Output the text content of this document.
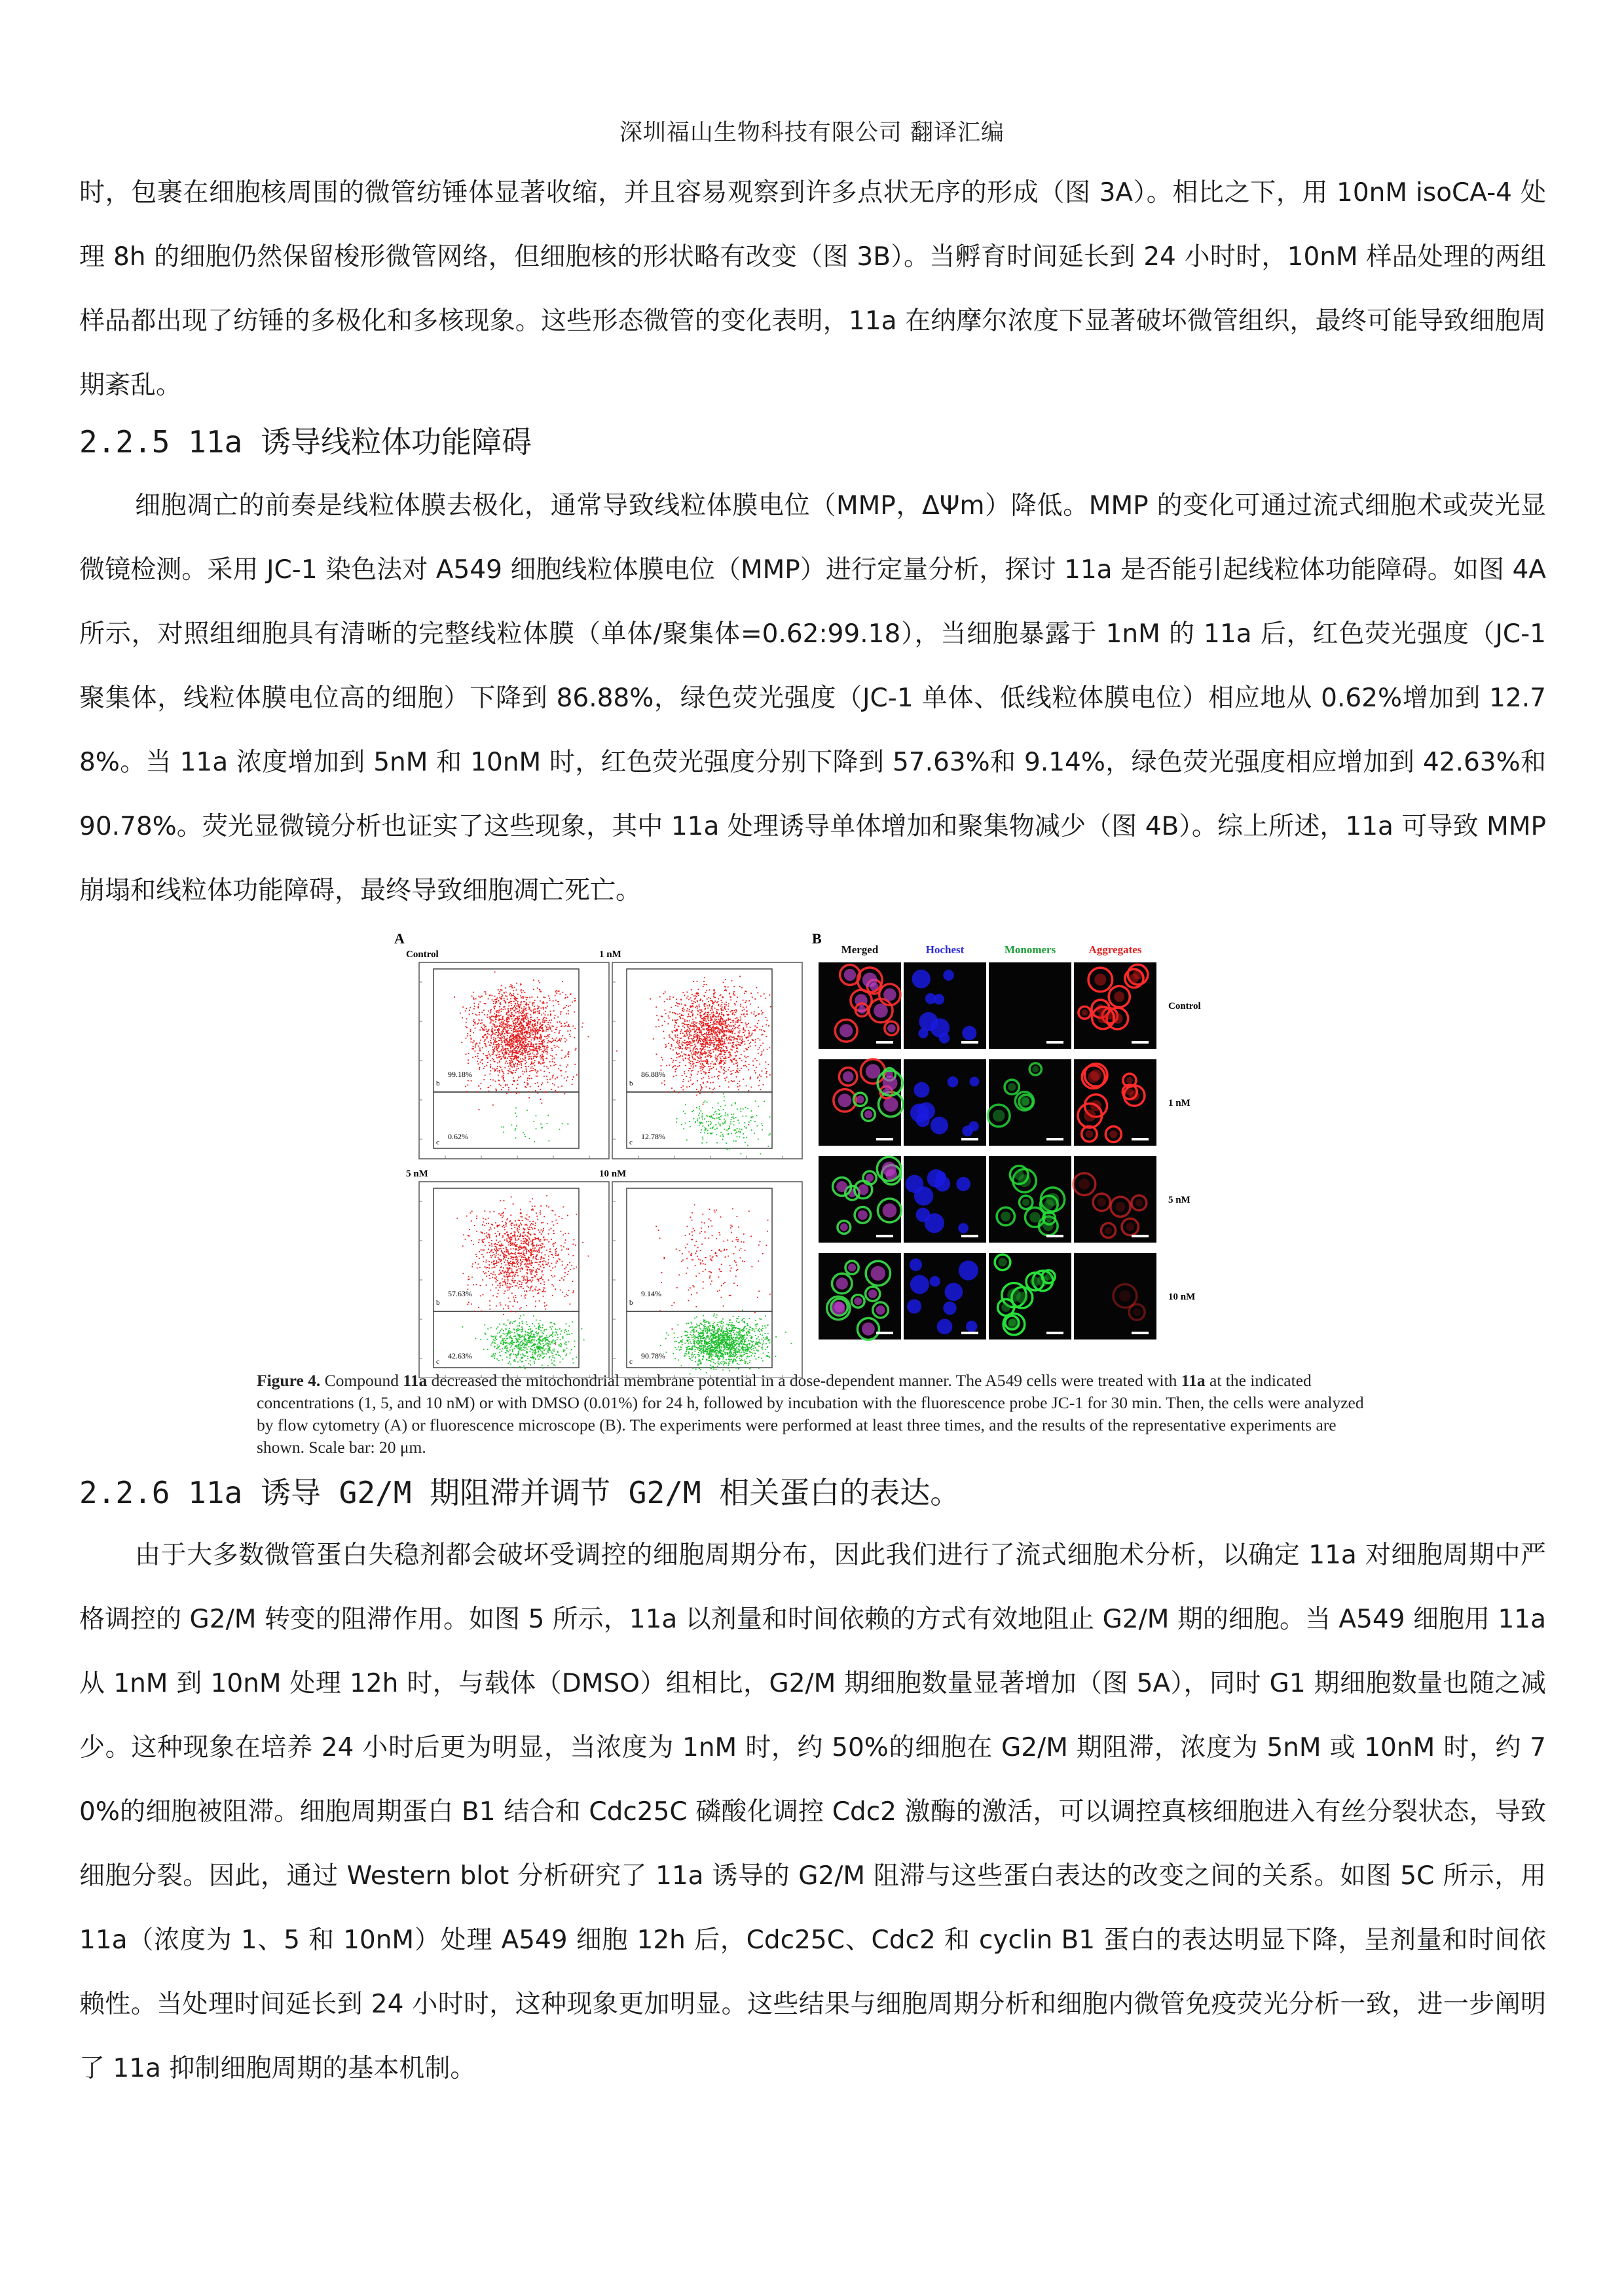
深圳福山生物科技有限公司 翻译汇编

时，包裹在细胞核周围的微管纺锤体显著收缩，并且容易观察到许多点状无序的形成（图 3A）。相比之下，用 10nM isoCA-4 处理 8h 的细胞仍然保留梭形微管网络，但细胞核的形状略有改变（图 3B）。当孵育时间延长到 24 小时时，10nM 样品处理的两组样品都出现了纺锤的多极化和多核现象。这些形态微管的变化表明，11a 在纳摩尔浓度下显著破坏微管组织，最终可能导致细胞周期紊乱。

2.2.5 11a 诱导线粒体功能障碍

细胞凋亡的前奏是线粒体膜去极化，通常导致线粒体膜电位（MMP，ΔΨm）降低。MMP 的变化可通过流式细胞术或荧光显微镜检测。采用 JC-1 染色法对 A549 细胞线粒体膜电位（MMP）进行定量分析，探讨 11a 是否能引起线粒体功能障碍。如图 4A 所示，对照组细胞具有清晰的完整线粒体膜（单体/聚集体=0.62:99.18），当细胞暴露于 1nM 的 11a 后，红色荧光强度（JC-1 聚集体，线粒体膜电位高的细胞）下降到 86.88%，绿色荧光强度（JC-1 单体、低线粒体膜电位）相应地从 0.62%增加到 12.78%。当 11a 浓度增加到 5nM 和 10nM 时，红色荧光强度分别下降到 57.63%和 9.14%，绿色荧光强度相应增加到 42.63%和 90.78%。荧光显微镜分析也证实了这些现象，其中 11a 处理诱导单体增加和聚集物减少（图 4B）。综上所述，11a 可导致 MMP 崩塌和线粒体功能障碍，最终导致细胞凋亡死亡。

A	B
Control
b
99.18%
c
0.62%
1 nM
b
86.88%
c
12.78%
5 nM
b
57.63%
c
42.63%
10 nM
b
9.14%
c
90.78%
Merged	Hochest	Monomers	Aggregates
Control
1 nM
5 nM
10 nM

Figure 4. Compound 11a decreased the mitochondrial membrane potential in a dose-dependent manner. The A549 cells were treated with 11a at the indicated concentrations (1, 5, and 10 nM) or with DMSO (0.01%) for 24 h, followed by incubation with the fluorescence probe JC-1 for 30 min. Then, the cells were analyzed by flow cytometry (A) or fluorescence microscope (B). The experiments were performed at least three times, and the results of the representative experiments are shown. Scale bar: 20 μm.

2.2.6 11a 诱导 G2/M 期阻滞并调节 G2/M 相关蛋白的表达。

由于大多数微管蛋白失稳剂都会破坏受调控的细胞周期分布，因此我们进行了流式细胞术分析，以确定 11a 对细胞周期中严格调控的 G2/M 转变的阻滞作用。如图 5 所示，11a 以剂量和时间依赖的方式有效地阻止 G2/M 期的细胞。当 A549 细胞用 11a 从 1nM 到 10nM 处理 12h 时，与载体（DMSO）组相比，G2/M 期细胞数量显著增加（图 5A），同时 G1 期细胞数量也随之减少。这种现象在培养 24 小时后更为明显，当浓度为 1nM 时，约 50%的细胞在 G2/M 期阻滞，浓度为 5nM 或 10nM 时，约 70%的细胞被阻滞。细胞周期蛋白 B1 结合和 Cdc25C 磷酸化调控 Cdc2 激酶的激活，可以调控真核细胞进入有丝分裂状态，导致细胞分裂。因此，通过 Western blot 分析研究了 11a 诱导的 G2/M 阻滞与这些蛋白表达的改变之间的关系。如图 5C 所示，用 11a（浓度为 1、5 和 10nM）处理 A549 细胞 12h 后，Cdc25C、Cdc2 和 cyclin B1 蛋白的表达明显下降，呈剂量和时间依赖性。当处理时间延长到 24 小时时，这种现象更加明显。这些结果与细胞周期分析和细胞内微管免疫荧光分析一致，进一步阐明了 11a 抑制细胞周期的基本机制。
